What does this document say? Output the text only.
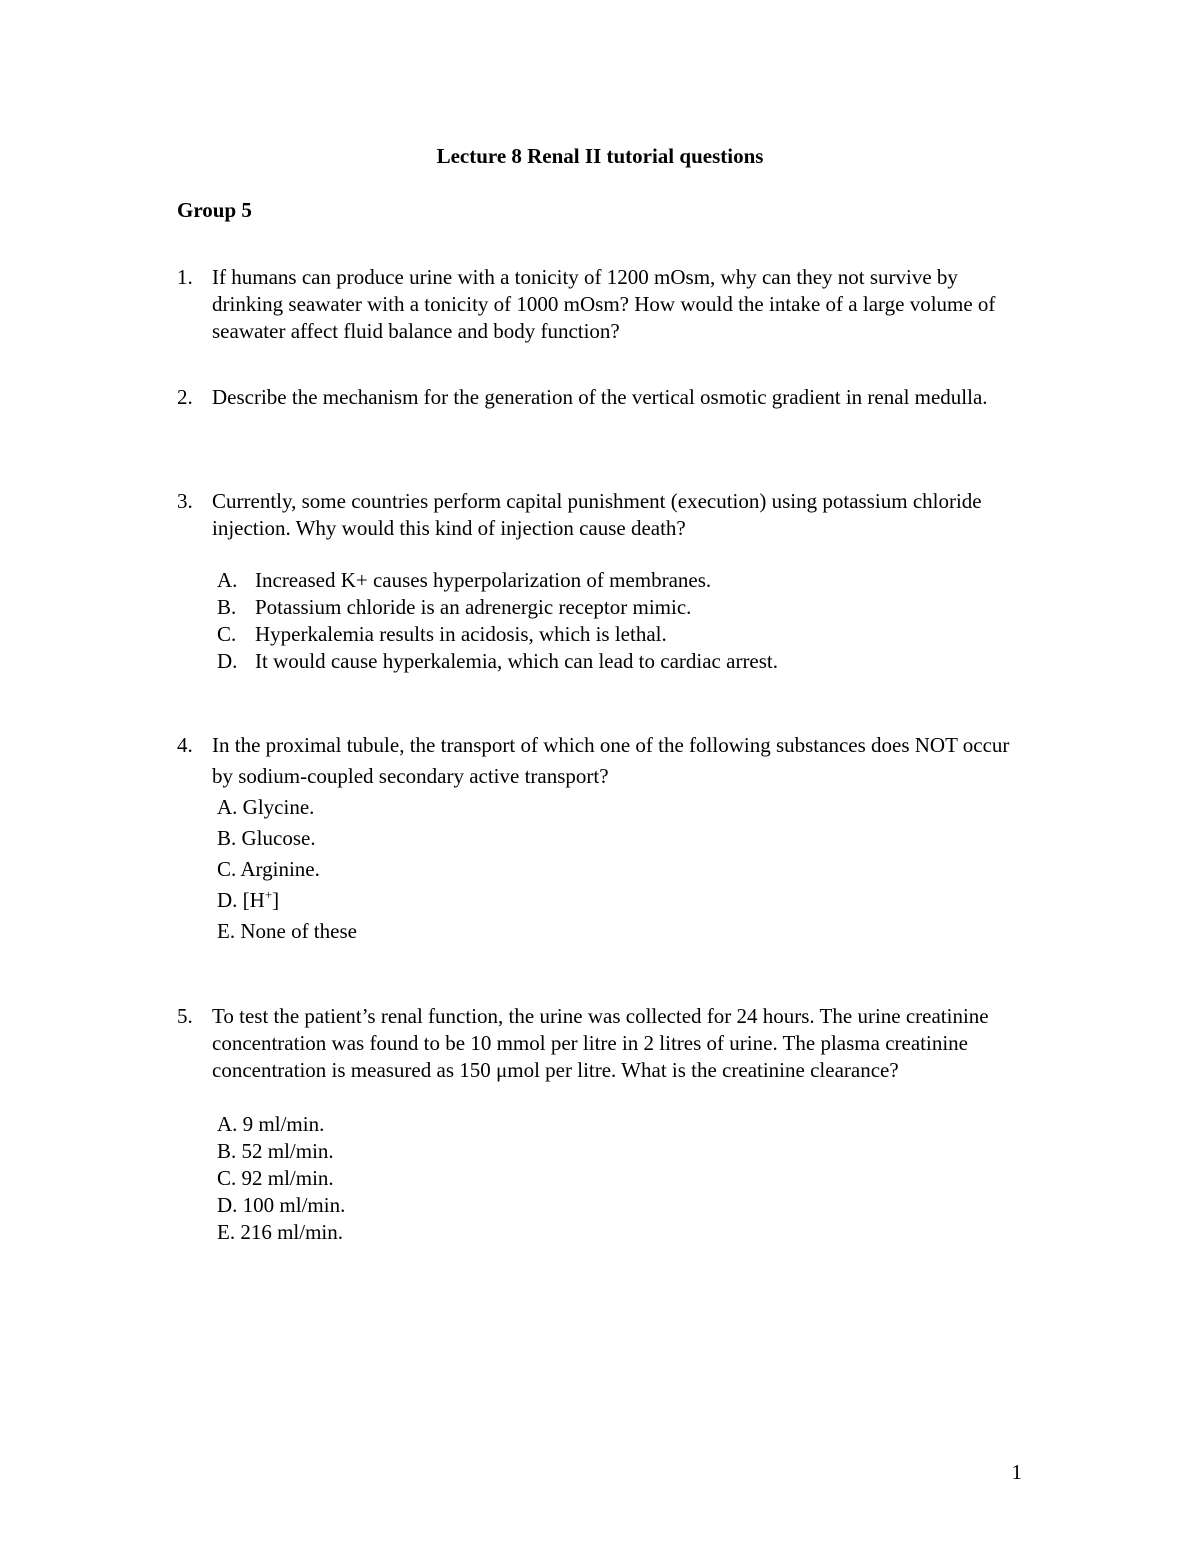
Lecture 8 Renal II tutorial questions
Group 5
1. If humans can produce urine with a tonicity of 1200 mOsm, why can they not survive by drinking seawater with a tonicity of 1000 mOsm? How would the intake of a large volume of seawater affect fluid balance and body function?
2. Describe the mechanism for the generation of the vertical osmotic gradient in renal medulla.
3. Currently, some countries perform capital punishment (execution) using potassium chloride injection. Why would this kind of injection cause death?
A. Increased K+ causes hyperpolarization of membranes.
B. Potassium chloride is an adrenergic receptor mimic.
C. Hyperkalemia results in acidosis, which is lethal.
D. It would cause hyperkalemia, which can lead to cardiac arrest.
4. In the proximal tubule, the transport of which one of the following substances does NOT occur by sodium-coupled secondary active transport?
A. Glycine.
B. Glucose.
C. Arginine.
D. [H+]
E. None of these
5. To test the patient’s renal function, the urine was collected for 24 hours. The urine creatinine concentration was found to be 10 mmol per litre in 2 litres of urine. The plasma creatinine concentration is measured as 150 μmol per litre. What is the creatinine clearance?
A. 9 ml/min.
B. 52 ml/min.
C. 92 ml/min.
D. 100 ml/min.
E. 216 ml/min.
1
